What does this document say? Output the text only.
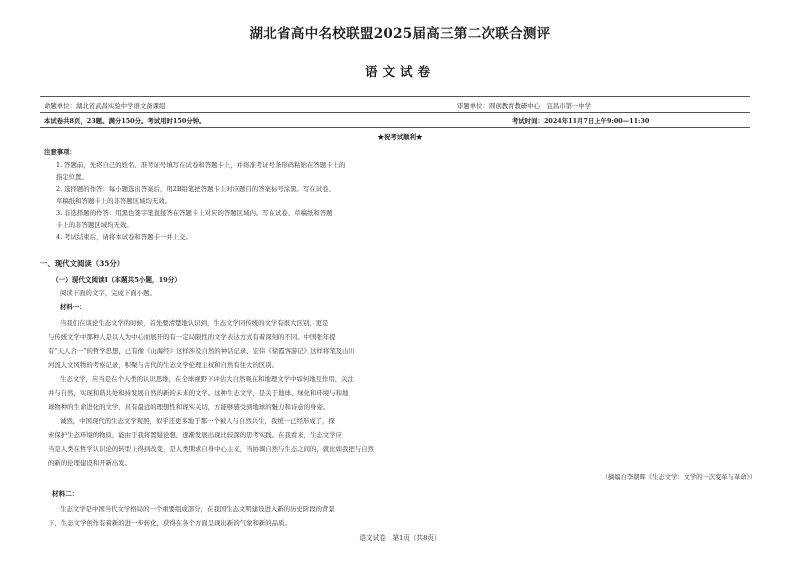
湖北省高中名校联盟2025届高三第二次联合测评
语文试卷
命题单位：湖北省武昌实验中学语文备课组	审题单位：圆创教育教研中心　宜昌市第一中学
本试卷共8页，23题。满分150分。考试用时150分钟。	考试时间：2024年11月7日上午9:00—11:30
★祝考试顺利★
注意事项：
1. 答题前，先将自己的姓名、准考证号填写在试卷和答题卡上，并将准考证号条形码粘贴在答题卡上的
指定位置。
2. 选择题的作答：每小题选出答案后，用2B铅笔把答题卡上对应题目的答案标号涂黑。写在试卷、
草稿纸和答题卡上的非答题区域均无效。
3. 非选择题的作答：用黑色签字笔直接答在答题卡上对应的答题区域内。写在试卷、草稿纸和答题
卡上的非答题区域均无效。
4. 考试结束后，请将本试卷和答题卡一并上交。
一、现代文阅读（35分）
（一）现代文阅读Ⅰ（本题共5小题，19分）
阅读下面的文字，完成下面小题。
材料一：
当我们在谈论生态文学的时候，首先要清楚地认识到，生态文学同传统的文学有很大区别，更是
与传统文学中那种人是以人为中心而展开的有一定局限性的文学表达方式有着深刻的不同。中国张年提
有“天人合一”的哲学思想，已有像《山海经》这样涉及自然的神话记录、宏伟《徐霞客游记》这样将笔及山川
河流人文风物的考察记录，积聚与古代的生态文学伦理主权和自然有往大的区别。
生态文学，应当是在个人类的认识思维，在全球视野下评估大自然观在和地理文学中如何地互作用，关注
并与自然，实现和谐共处和持发展自然的新的未来的文学。这种生态文学，是关于地球、绿化和环境与和地
球物种的生命进化的文学，具有最远的理想性和现实关切，方能够感受到地球的魅力和诗意的身姿。
诚然，中国现代的生态文学观照，似乎还更多地于那一个被人与自然共生，我统一已经形成了，探
索保护生态环境的物质，能由于我将置疑论想，逐渐发展出现比较深的思考实践。在我看来，生态文学应
当是人类在哲学认识论的转型上得到改变，是人类期求自身中心主义，当协调自然与生态之间的，就比如我把与自然
的新的伦理建设和开新出发。
（摘编自李朝晖《生态文学：文学的一次变革与革命》）
材料二：
生态文学是中国当代文学格局的一个重要组成部分，在我国生态文明建设进入新的历史阶段的背景
下，生态文学创作有着新的进一步转化，获得在各个方面呈现出新的气象和新的品质。
语文试卷　第1页（共8页）
